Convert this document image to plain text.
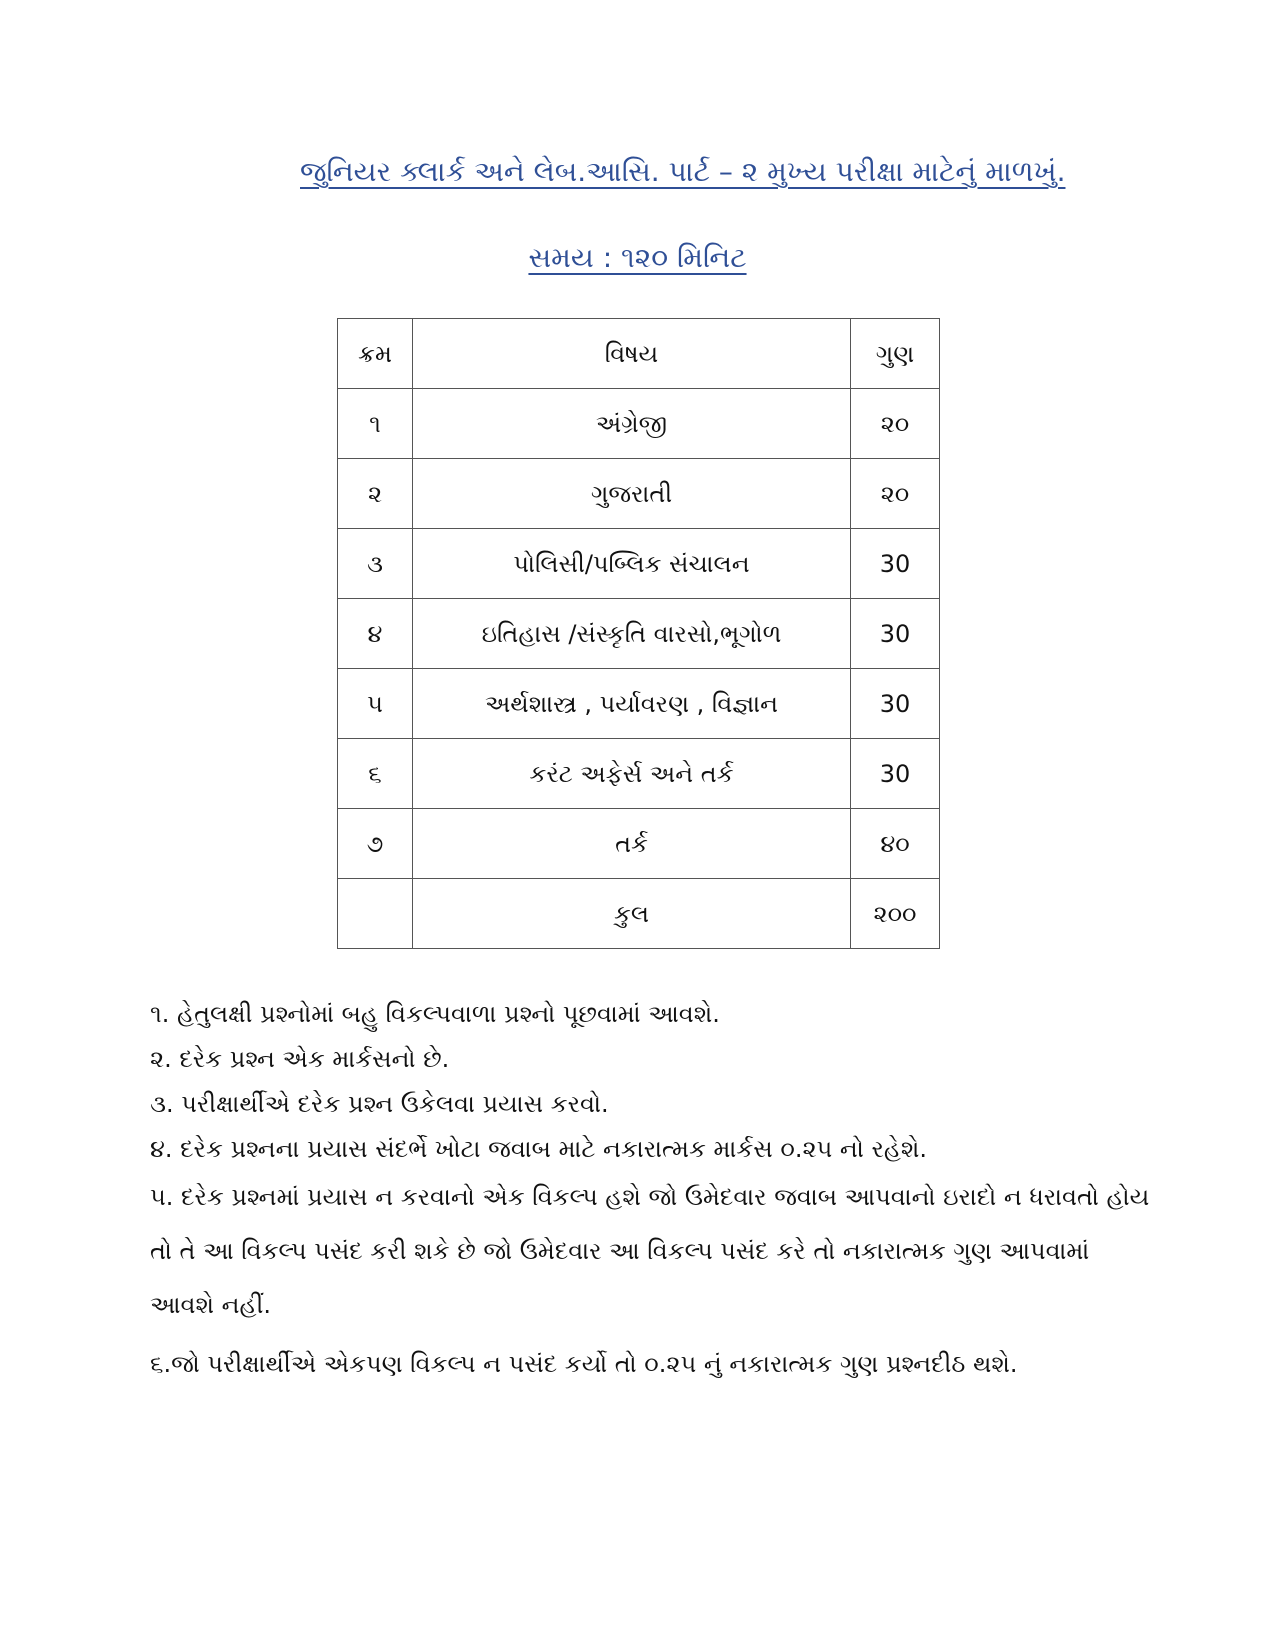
જુનિયર ક્લાર્ક અને લેબ.આસિ. પાર્ટ – ૨ મુખ્ય પરીક્ષા માટેનું માળખું.
સમય : ૧૨૦ મિનિટ
ક્રમ	વિષય	ગુણ
૧	અંગ્રેજી	૨૦
૨	ગુજરાતી	૨૦
૩	પોલિસી/પબ્લિક સંચાલન	30
૪	ઇતિહાસ /સંસ્કૃતિ વારસો,ભૂગોળ	30
૫	અર્થશાસ્ત્ર , પર્યાવરણ , વિજ્ઞાન	30
૬	કરંટ અફેર્સ અને તર્ક	30
૭	તર્ક	૪૦
	કુલ	૨૦૦
૧. હેતુલક્ષી પ્રશ્નોમાં બહુ વિકલ્પવાળા પ્રશ્નો પૂછવામાં આવશે.
૨. દરેક પ્રશ્ન એક માર્કસનો છે.
૩. પરીક્ષાર્થીએ દરેક પ્રશ્ન ઉકેલવા પ્રયાસ કરવો.
૪. દરેક પ્રશ્નના પ્રયાસ સંદર્ભે ખોટા જવાબ માટે નકારાત્મક માર્કસ ૦.૨૫ નો રહેશે.
૫. દરેક પ્રશ્નમાં પ્રયાસ ન કરવાનો એક વિકલ્પ હશે જો ઉમેદવાર જવાબ આપવાનો ઇરાદો ન ધરાવતો હોય તો તે આ વિકલ્પ પસંદ કરી શકે છે જો ઉમેદવાર આ વિકલ્પ પસંદ કરે તો નકારાત્મક ગુણ આપવામાં આવશે નહીં.
૬.જો પરીક્ષાર્થીએ એકપણ વિકલ્પ ન પસંદ કર્યો તો ૦.૨૫ નું નકારાત્મક ગુણ પ્રશ્નદીઠ થશે.
